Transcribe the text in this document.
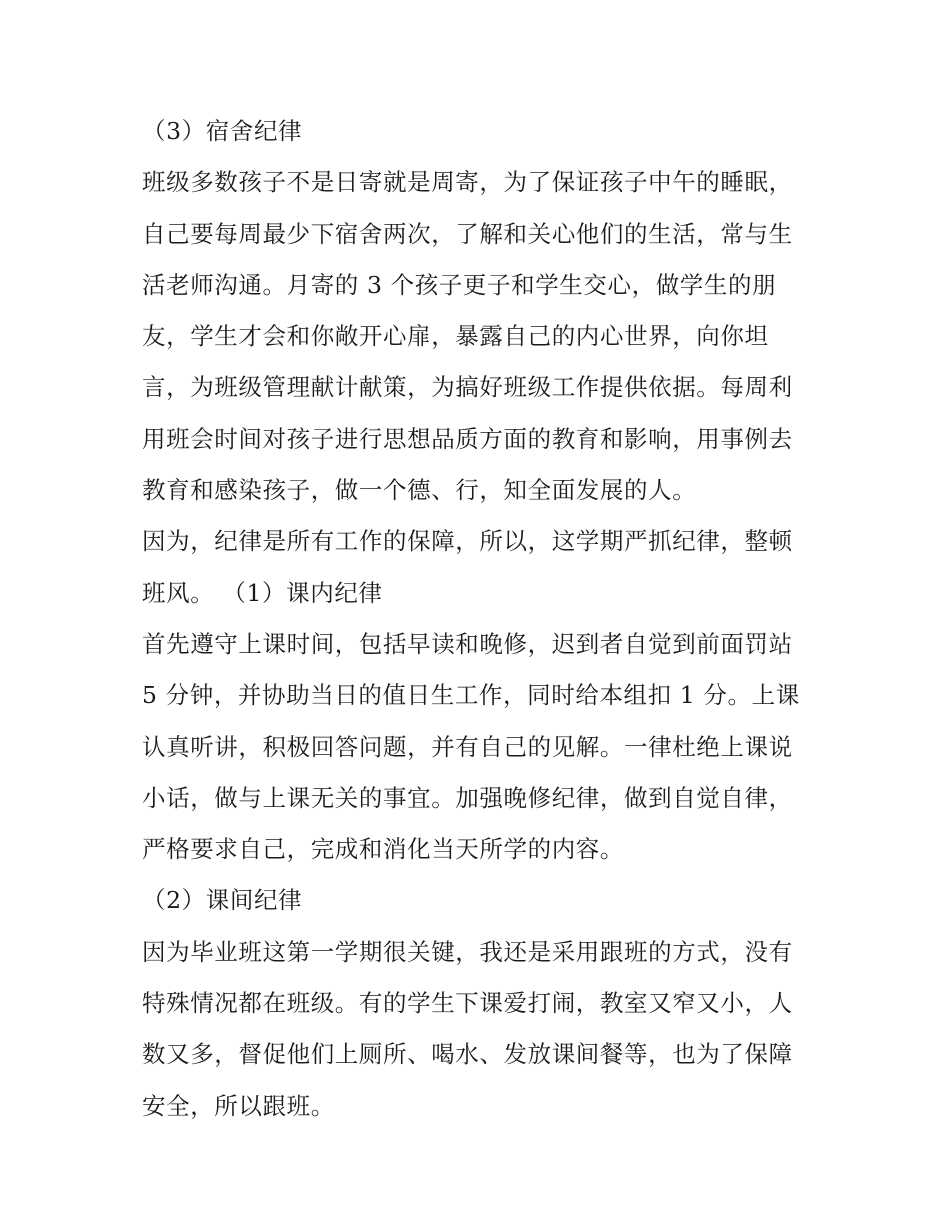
（3）宿舍纪律
班级多数孩子不是日寄就是周寄，为了保证孩子中午的睡眠，
自己要每周最少下宿舍两次，了解和关心他们的生活，常与生
活老师沟通。月寄的 3 个孩子更子和学生交心，做学生的朋
友，学生才会和你敞开心扉，暴露自己的内心世界，向你坦
言，为班级管理献计献策，为搞好班级工作提供依据。每周利
用班会时间对孩子进行思想品质方面的教育和影响，用事例去
教育和感染孩子，做一个德、行，知全面发展的人。
因为，纪律是所有工作的保障，所以，这学期严抓纪律，整顿
班风。 （1）课内纪律
首先遵守上课时间，包括早读和晚修，迟到者自觉到前面罚站
5 分钟，并协助当日的值日生工作，同时给本组扣 1 分。上课
认真听讲，积极回答问题，并有自己的见解。一律杜绝上课说
小话，做与上课无关的事宜。加强晚修纪律，做到自觉自律，
严格要求自己，完成和消化当天所学的内容。
（2）课间纪律
因为毕业班这第一学期很关键，我还是采用跟班的方式，没有
特殊情况都在班级。有的学生下课爱打闹，教室又窄又小，人
数又多，督促他们上厕所、喝水、发放课间餐等，也为了保障
安全，所以跟班。
